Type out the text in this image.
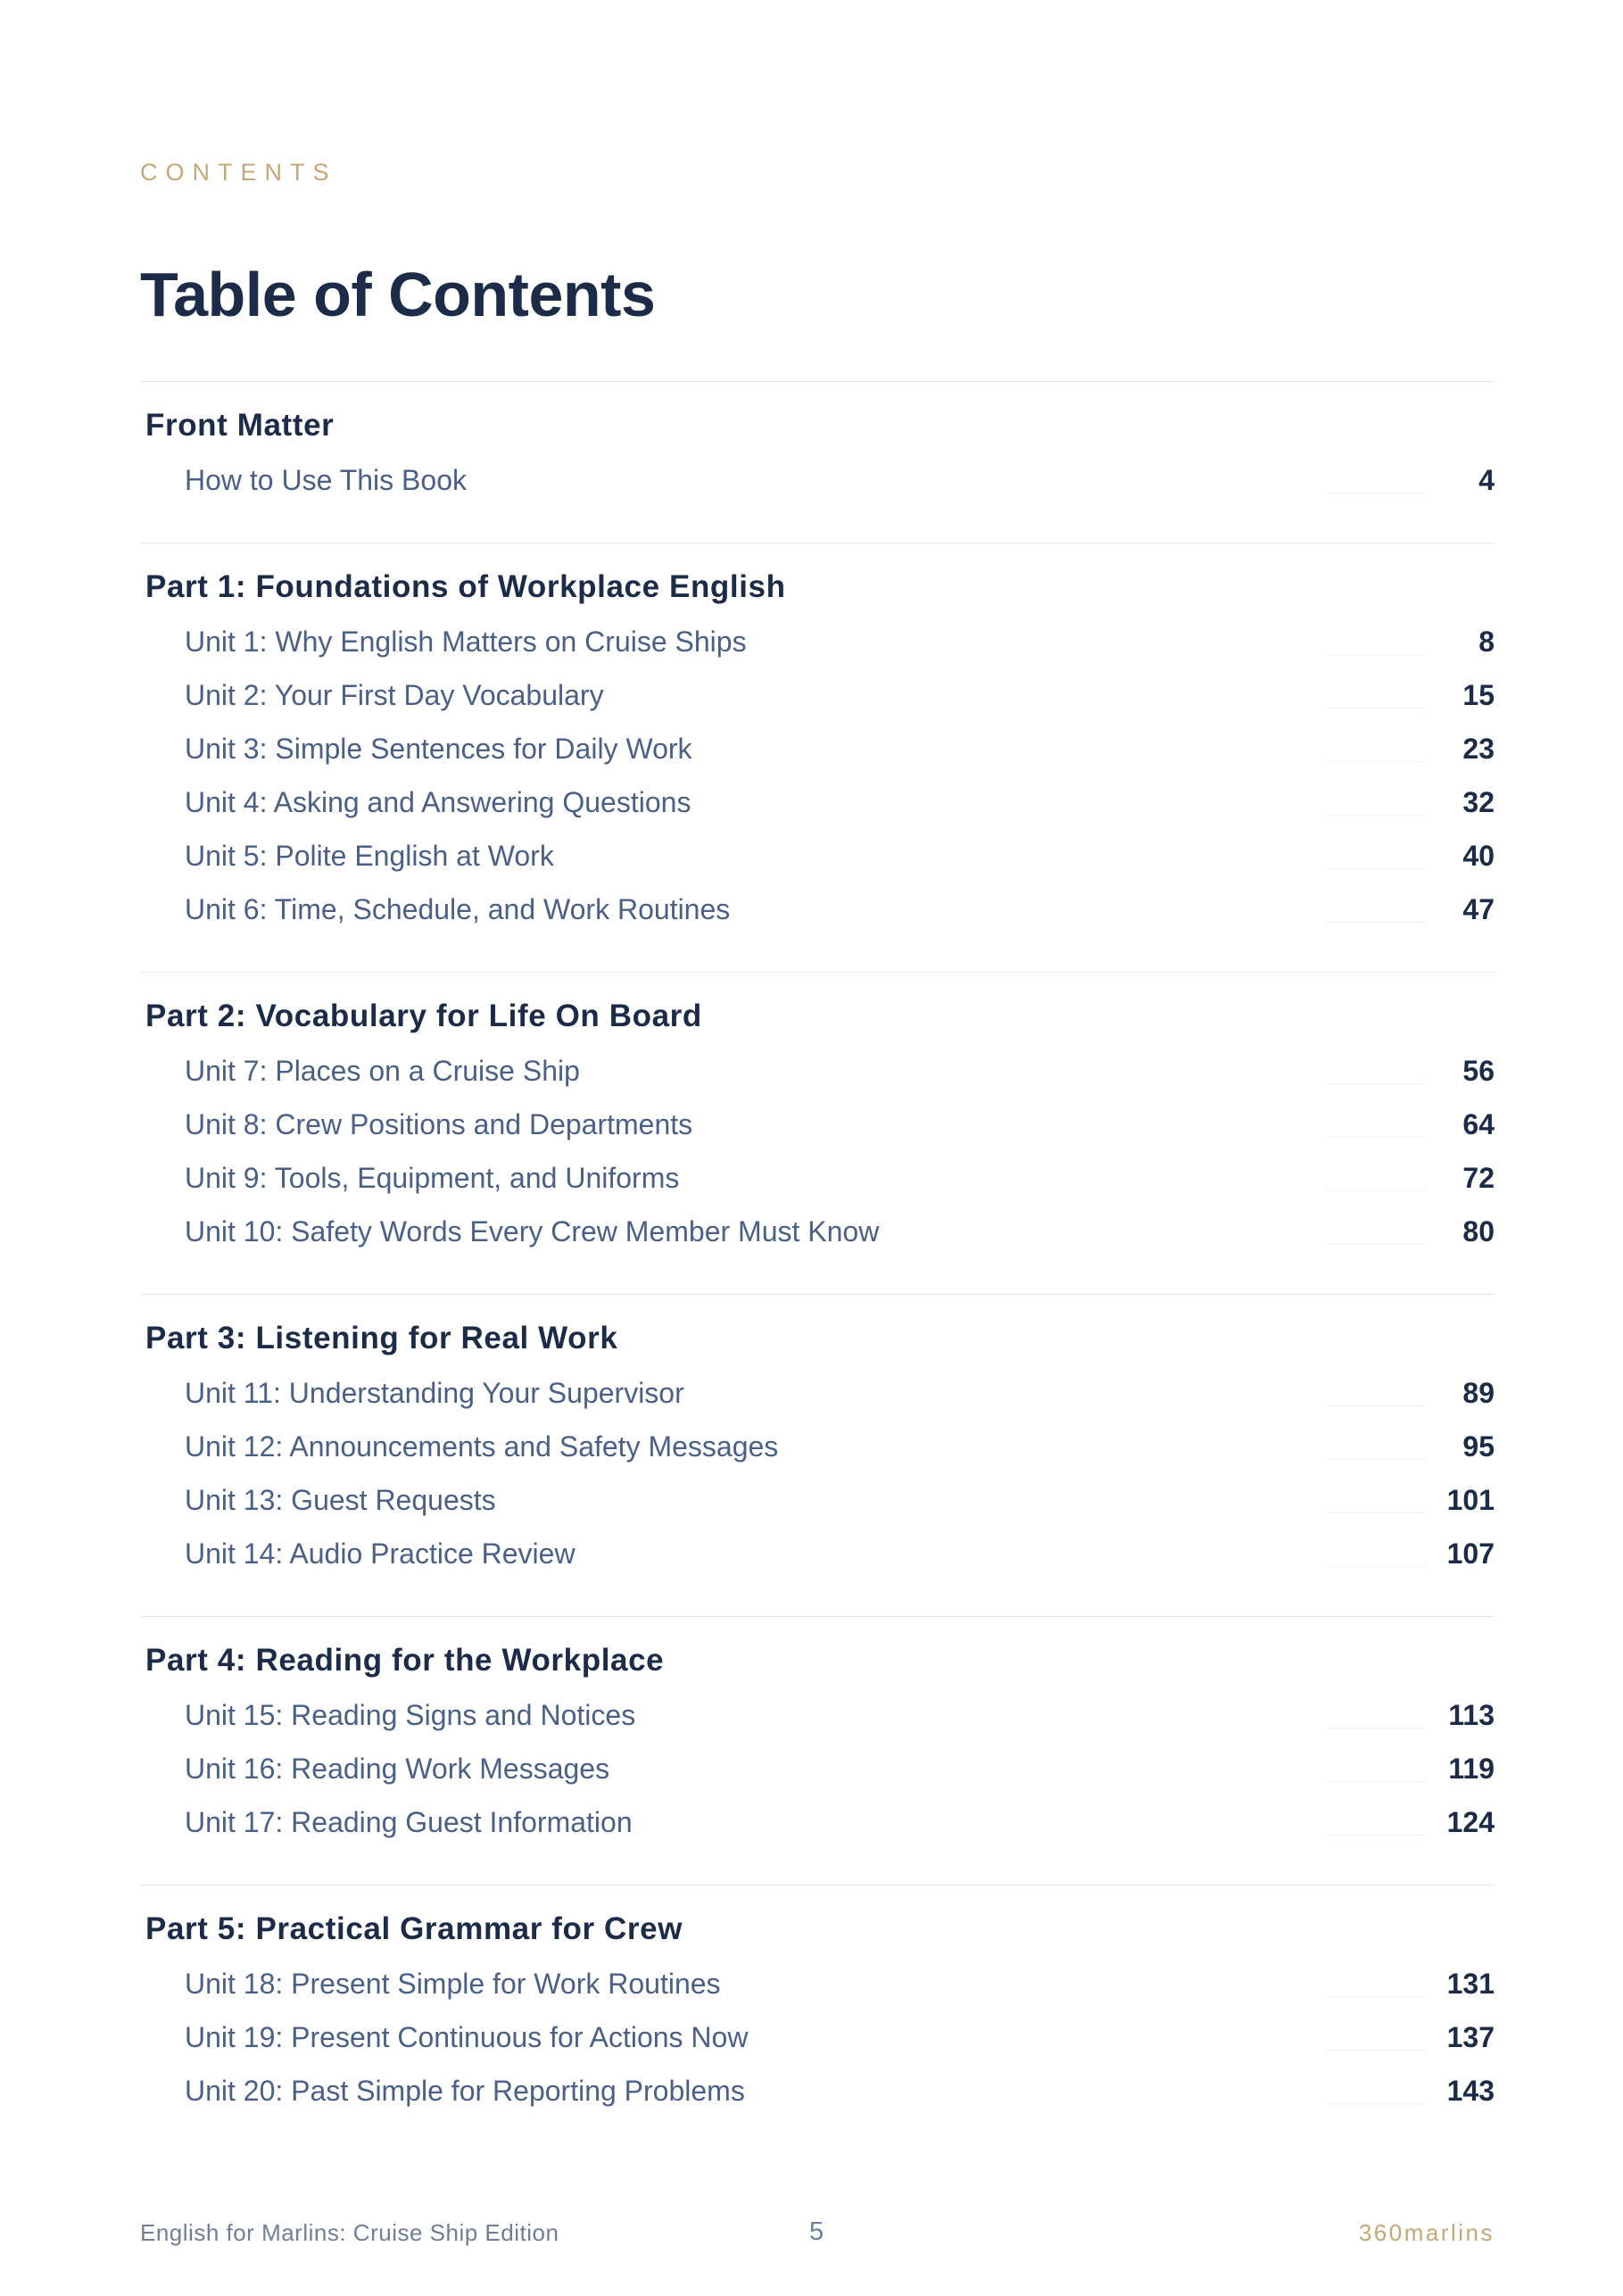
CONTENTS
Table of Contents
Front Matter
How to Use This Book	4
Part 1: Foundations of Workplace English
Unit 1: Why English Matters on Cruise Ships	8
Unit 2: Your First Day Vocabulary	15
Unit 3: Simple Sentences for Daily Work	23
Unit 4: Asking and Answering Questions	32
Unit 5: Polite English at Work	40
Unit 6: Time, Schedule, and Work Routines	47
Part 2: Vocabulary for Life On Board
Unit 7: Places on a Cruise Ship	56
Unit 8: Crew Positions and Departments	64
Unit 9: Tools, Equipment, and Uniforms	72
Unit 10: Safety Words Every Crew Member Must Know	80
Part 3: Listening for Real Work
Unit 11: Understanding Your Supervisor	89
Unit 12: Announcements and Safety Messages	95
Unit 13: Guest Requests	101
Unit 14: Audio Practice Review	107
Part 4: Reading for the Workplace
Unit 15: Reading Signs and Notices	113
Unit 16: Reading Work Messages	119
Unit 17: Reading Guest Information	124
Part 5: Practical Grammar for Crew
Unit 18: Present Simple for Work Routines	131
Unit 19: Present Continuous for Actions Now	137
Unit 20: Past Simple for Reporting Problems	143
English for Marlins: Cruise Ship Edition	5	360marlins
